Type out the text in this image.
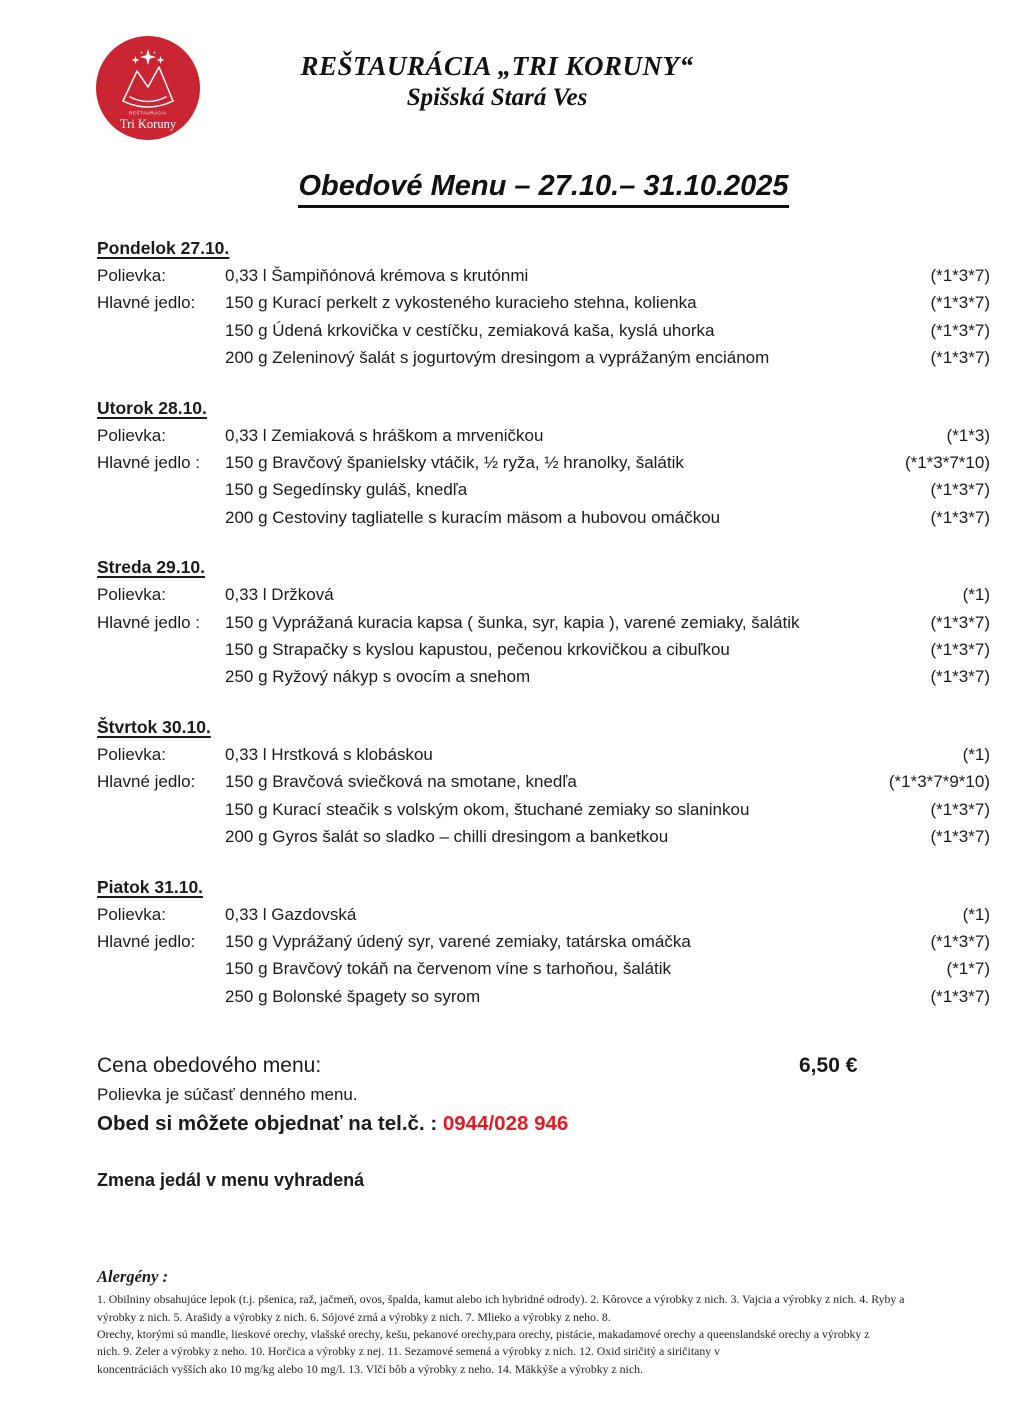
REŠTAURÁCIA
Tri Koruny
REŠTAURÁCIA „TRI KORUNY“
Spišská Stará Ves
Obedové Menu – 27.10.– 31.10.2025
Pondelok 27.10.
Polievka:	0,33 l Šampiňónová krémova s krutónmi	(*1*3*7)
Hlavné jedlo:	150 g Kurací perkelt z vykosteného kuracieho stehna, kolienka	(*1*3*7)
150 g Údená krkovička v cestíčku, zemiaková kaša, kyslá uhorka	(*1*3*7)
200 g Zeleninový šalát s jogurtovým dresingom a vyprážaným enciánom	(*1*3*7)
Utorok 28.10.
Polievka:	0,33 l Zemiaková s hráškom a mrveničkou	(*1*3)
Hlavné jedlo :	150 g Bravčový španielsky vtáčik, ½ ryža, ½ hranolky, šalátik	(*1*3*7*10)
150 g Segedínsky guláš, knedľa	(*1*3*7)
200 g Cestoviny tagliatelle s kuracím mäsom a hubovou omáčkou	(*1*3*7)
Streda 29.10.
Polievka:	0,33 l Držková	(*1)
Hlavné jedlo :	150 g Vyprážaná kuracia kapsa ( šunka, syr, kapia ), varené zemiaky, šalátik	(*1*3*7)
150 g Strapačky s kyslou kapustou, pečenou krkovičkou a cibuľkou	(*1*3*7)
250 g Ryžový nákyp s ovocím a snehom	(*1*3*7)
Štvrtok 30.10.
Polievka:	0,33 l Hrstková s klobáskou	(*1)
Hlavné jedlo:	150 g Bravčová sviečková na smotane, knedľa	(*1*3*7*9*10)
150 g Kurací steačik s volským okom, štuchané zemiaky so slaninkou	(*1*3*7)
200 g Gyros šalát so sladko – chilli dresingom a banketkou	(*1*3*7)
Piatok 31.10.
Polievka:	0,33 l Gazdovská	(*1)
Hlavné jedlo:	150 g Vyprážaný údený syr, varené zemiaky, tatárska omáčka	(*1*3*7)
150 g Bravčový tokáň na červenom víne s tarhoňou, šalátik	(*1*7)
250 g Bolonské špagety so syrom	(*1*3*7)
Cena obedového menu:	6,50 €
Polievka je súčasť denného menu.
Obed si môžete objednať na tel.č. : 0944/028 946
Zmena jedál v menu vyhradená
Alergény :
1. Obilniny obsahujúce lepok (t.j. pšenica, raž, jačmeň, ovos, špalda, kamut alebo ich hybridné odrody). 2. Kôrovce a výrobky z nich. 3. Vajcia a výrobky z nich. 4. Ryby a
výrobky z nich. 5. Arašidy a výrobky z nich. 6. Sójové zrná a výrobky z nich. 7. Mlieko a výrobky z neho. 8.
Orechy, ktorými sú mandle, lieskové orechy, vlašské orechy, kešu, pekanové orechy,para orechy, pistácie, makadamové orechy a queenslandské orechy a výrobky z
nich. 9. Zeler a výrobky z neho. 10. Horčica a výrobky z nej. 11. Sezamové semená a výrobky z nich. 12. Oxid siričitý a siričitany v
koncentráciách vyšších ako 10 mg/kg alebo 10 mg/l. 13. Vlčí bôb a výrobky z neho. 14. Mäkkýše a výrobky z nich.
